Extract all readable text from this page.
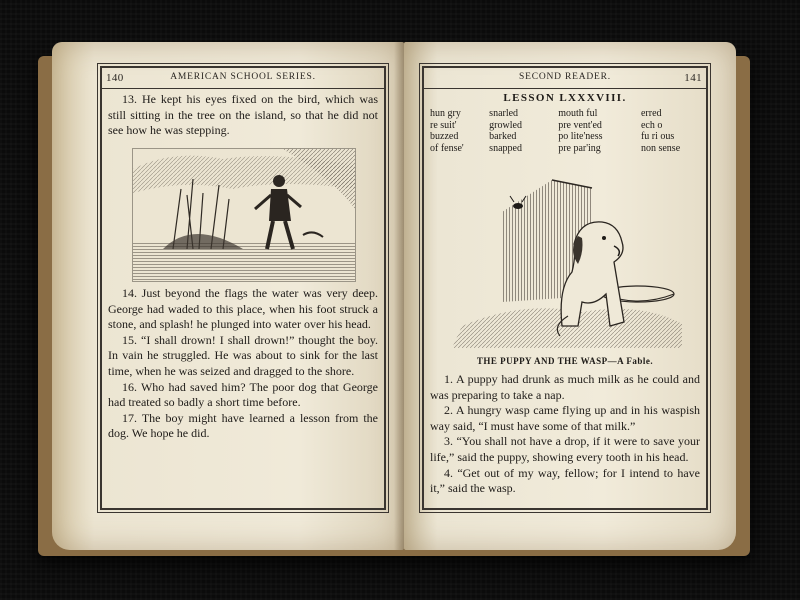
140	AMERICAN SCHOOL SERIES.

13. He kept his eyes fixed on the bird, which was still sitting in the tree on the island, so that he did not see how he was stepping.

14. Just beyond the flags the water was very deep. George had waded to this place, when his foot struck a stone, and splash! he plunged into water over his head.

15. “I shall drown! I shall drown!” thought the boy. In vain he struggled. He was about to sink for the last time, when he was seized and dragged to the shore.

16. Who had saved him? The poor dog that George had treated so badly a short time before.

17. The boy might have learned a lesson from the dog. We hope he did.

SECOND READER.	141
LESSON LXXXVIII.
hun gry
re suit'
buzzed
of fense'
snarled
growled
barked
snapped
mouth ful
pre vent'ed
po lite'ness
pre par'ing
erred
ech o
fu ri ous
non sense
THE PUPPY AND THE WASP—A Fable.

1. A puppy had drunk as much milk as he could and was preparing to take a nap.

2. A hungry wasp came flying up and in his waspish way said, “I must have some of that milk.”

3. “You shall not have a drop, if it were to save your life,” said the puppy, showing every tooth in his head.

4. “Get out of my way, fellow; for I intend to have it,” said the wasp.
